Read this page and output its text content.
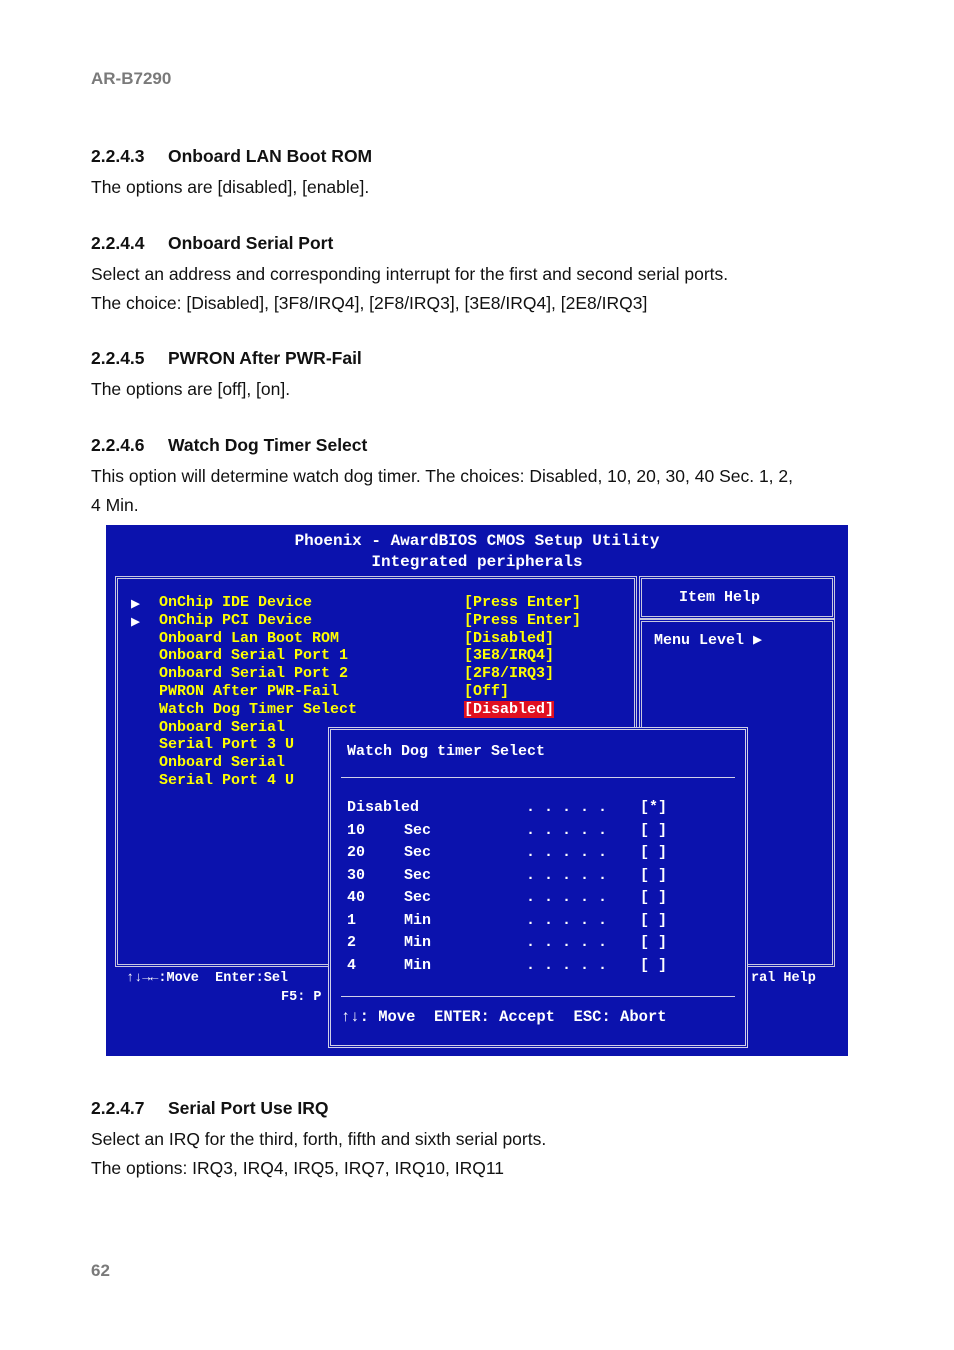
AR-B7290
2.2.4.3 Onboard LAN Boot ROM

The options are [disabled], [enable].

2.2.4.4 Onboard Serial Port

Select an address and corresponding interrupt for the first and second serial ports.

The choice: [Disabled], [3F8/IRQ4], [2F8/IRQ3], [3E8/IRQ4], [2E8/IRQ3]

2.2.4.5 PWRON After PWR-Fail

The options are [off], [on].

2.2.4.6 Watch Dog Timer Select

This option will determine watch dog timer. The choices: Disabled, 10, 20, 30, 40 Sec. 1, 2,

4 Min.

Phoenix - AwardBIOS CMOS Setup Utility
Integrated peripherals
Item Help
Menu Level ▶
▶ OnChip IDE Device	[Press Enter]
▶ OnChip PCI Device	[Press Enter]
Onboard Lan Boot ROM	[Disabled]
Onboard Serial Port 1	[3E8/IRQ4]
Onboard Serial Port 2	[2F8/IRQ3]
PWRON After PWR-Fail	[Off]
Watch Dog Timer Select	[Disabled]
Onboard Serial
Serial Port 3 U
Onboard Serial
Serial Port 4 U
↑↓→←:Move  Enter:Sel
F5: P
ral Help
Watch Dog timer Select
Disabled	. . . . . [*]
10	Sec	. . . . . [ ]
20	Sec	. . . . . [ ]
30	Sec	. . . . . [ ]
40	Sec	. . . . . [ ]
1	Min	. . . . . [ ]
2	Min	. . . . . [ ]
4	Min	. . . . . [ ]
↑↓: Move  ENTER: Accept  ESC: Abort
2.2.4.7 Serial Port Use IRQ

Select an IRQ for the third, forth, fifth and sixth serial ports.

The options: IRQ3, IRQ4, IRQ5, IRQ7, IRQ10, IRQ11

62
